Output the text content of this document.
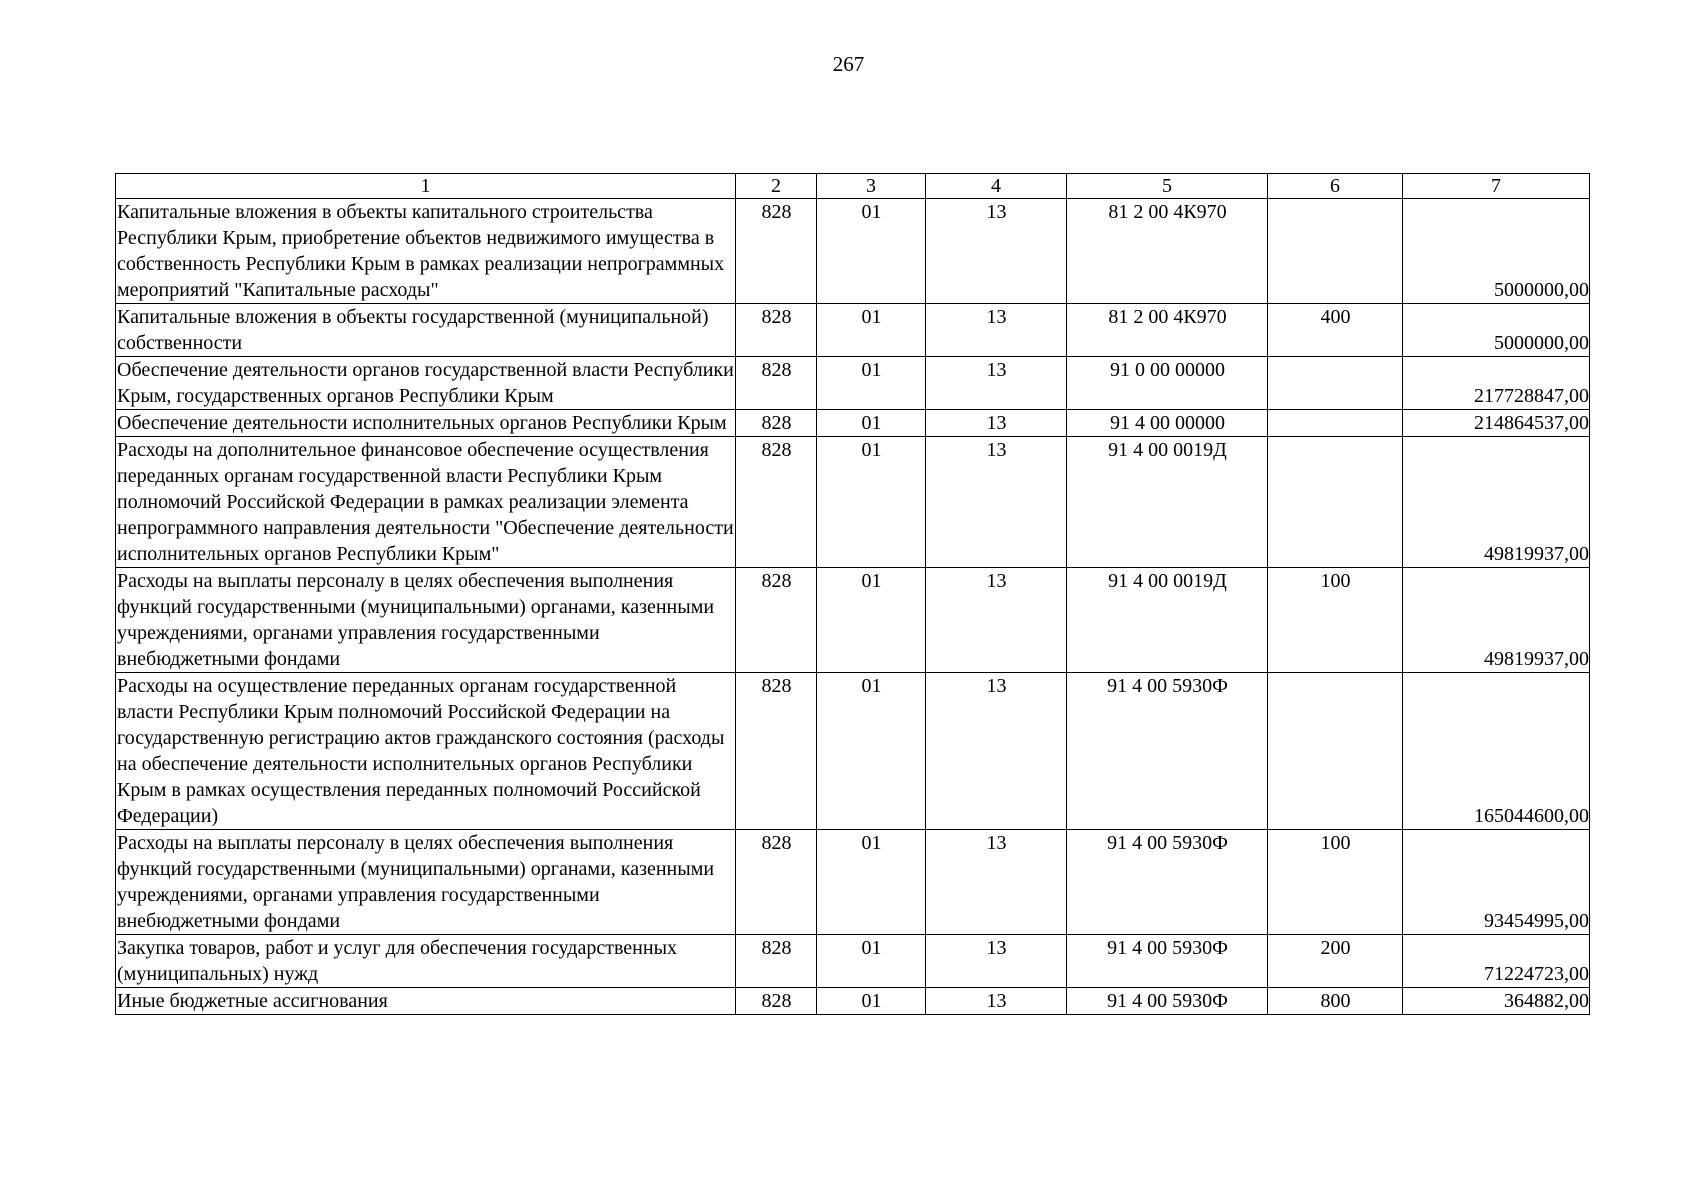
267
1	2	3	4	5	6	7
Капитальные вложения в объекты капитального строительства Республики Крым, приобретение объектов недвижимого имущества в собственность Республики Крым в рамках реализации непрограммных мероприятий "Капитальные расходы"	828	01	13	81 2 00 4К970		5000000,00
Капитальные вложения в объекты государственной (муниципальной) собственности	828	01	13	81 2 00 4К970	400	5000000,00
Обеспечение деятельности органов государственной власти Республики Крым, государственных органов Республики Крым	828	01	13	91 0 00 00000		217728847,00
Обеспечение деятельности исполнительных органов Республики Крым	828	01	13	91 4 00 00000		214864537,00
Расходы на дополнительное финансовое обеспечение осуществления переданных органам государственной власти Республики Крым полномочий Российской Федерации в рамках реализации элемента непрограммного направления деятельности "Обеспечение деятельности исполнительных органов Республики Крым"	828	01	13	91 4 00 0019Д		49819937,00
Расходы на выплаты персоналу в целях обеспечения выполнения функций государственными (муниципальными) органами, казенными учреждениями, органами управления государственными внебюджетными фондами	828	01	13	91 4 00 0019Д	100	49819937,00
Расходы на осуществление переданных органам государственной власти Республики Крым полномочий Российской Федерации на государственную регистрацию актов гражданского состояния (расходы на обеспечение деятельности исполнительных органов Республики Крым в рамках осуществления переданных полномочий Российской Федерации)	828	01	13	91 4 00 5930Ф		165044600,00
Расходы на выплаты персоналу в целях обеспечения выполнения функций государственными (муниципальными) органами, казенными учреждениями, органами управления государственными внебюджетными фондами	828	01	13	91 4 00 5930Ф	100	93454995,00
Закупка товаров, работ и услуг для обеспечения государственных (муниципальных) нужд	828	01	13	91 4 00 5930Ф	200	71224723,00
Иные бюджетные ассигнования	828	01	13	91 4 00 5930Ф	800	364882,00
